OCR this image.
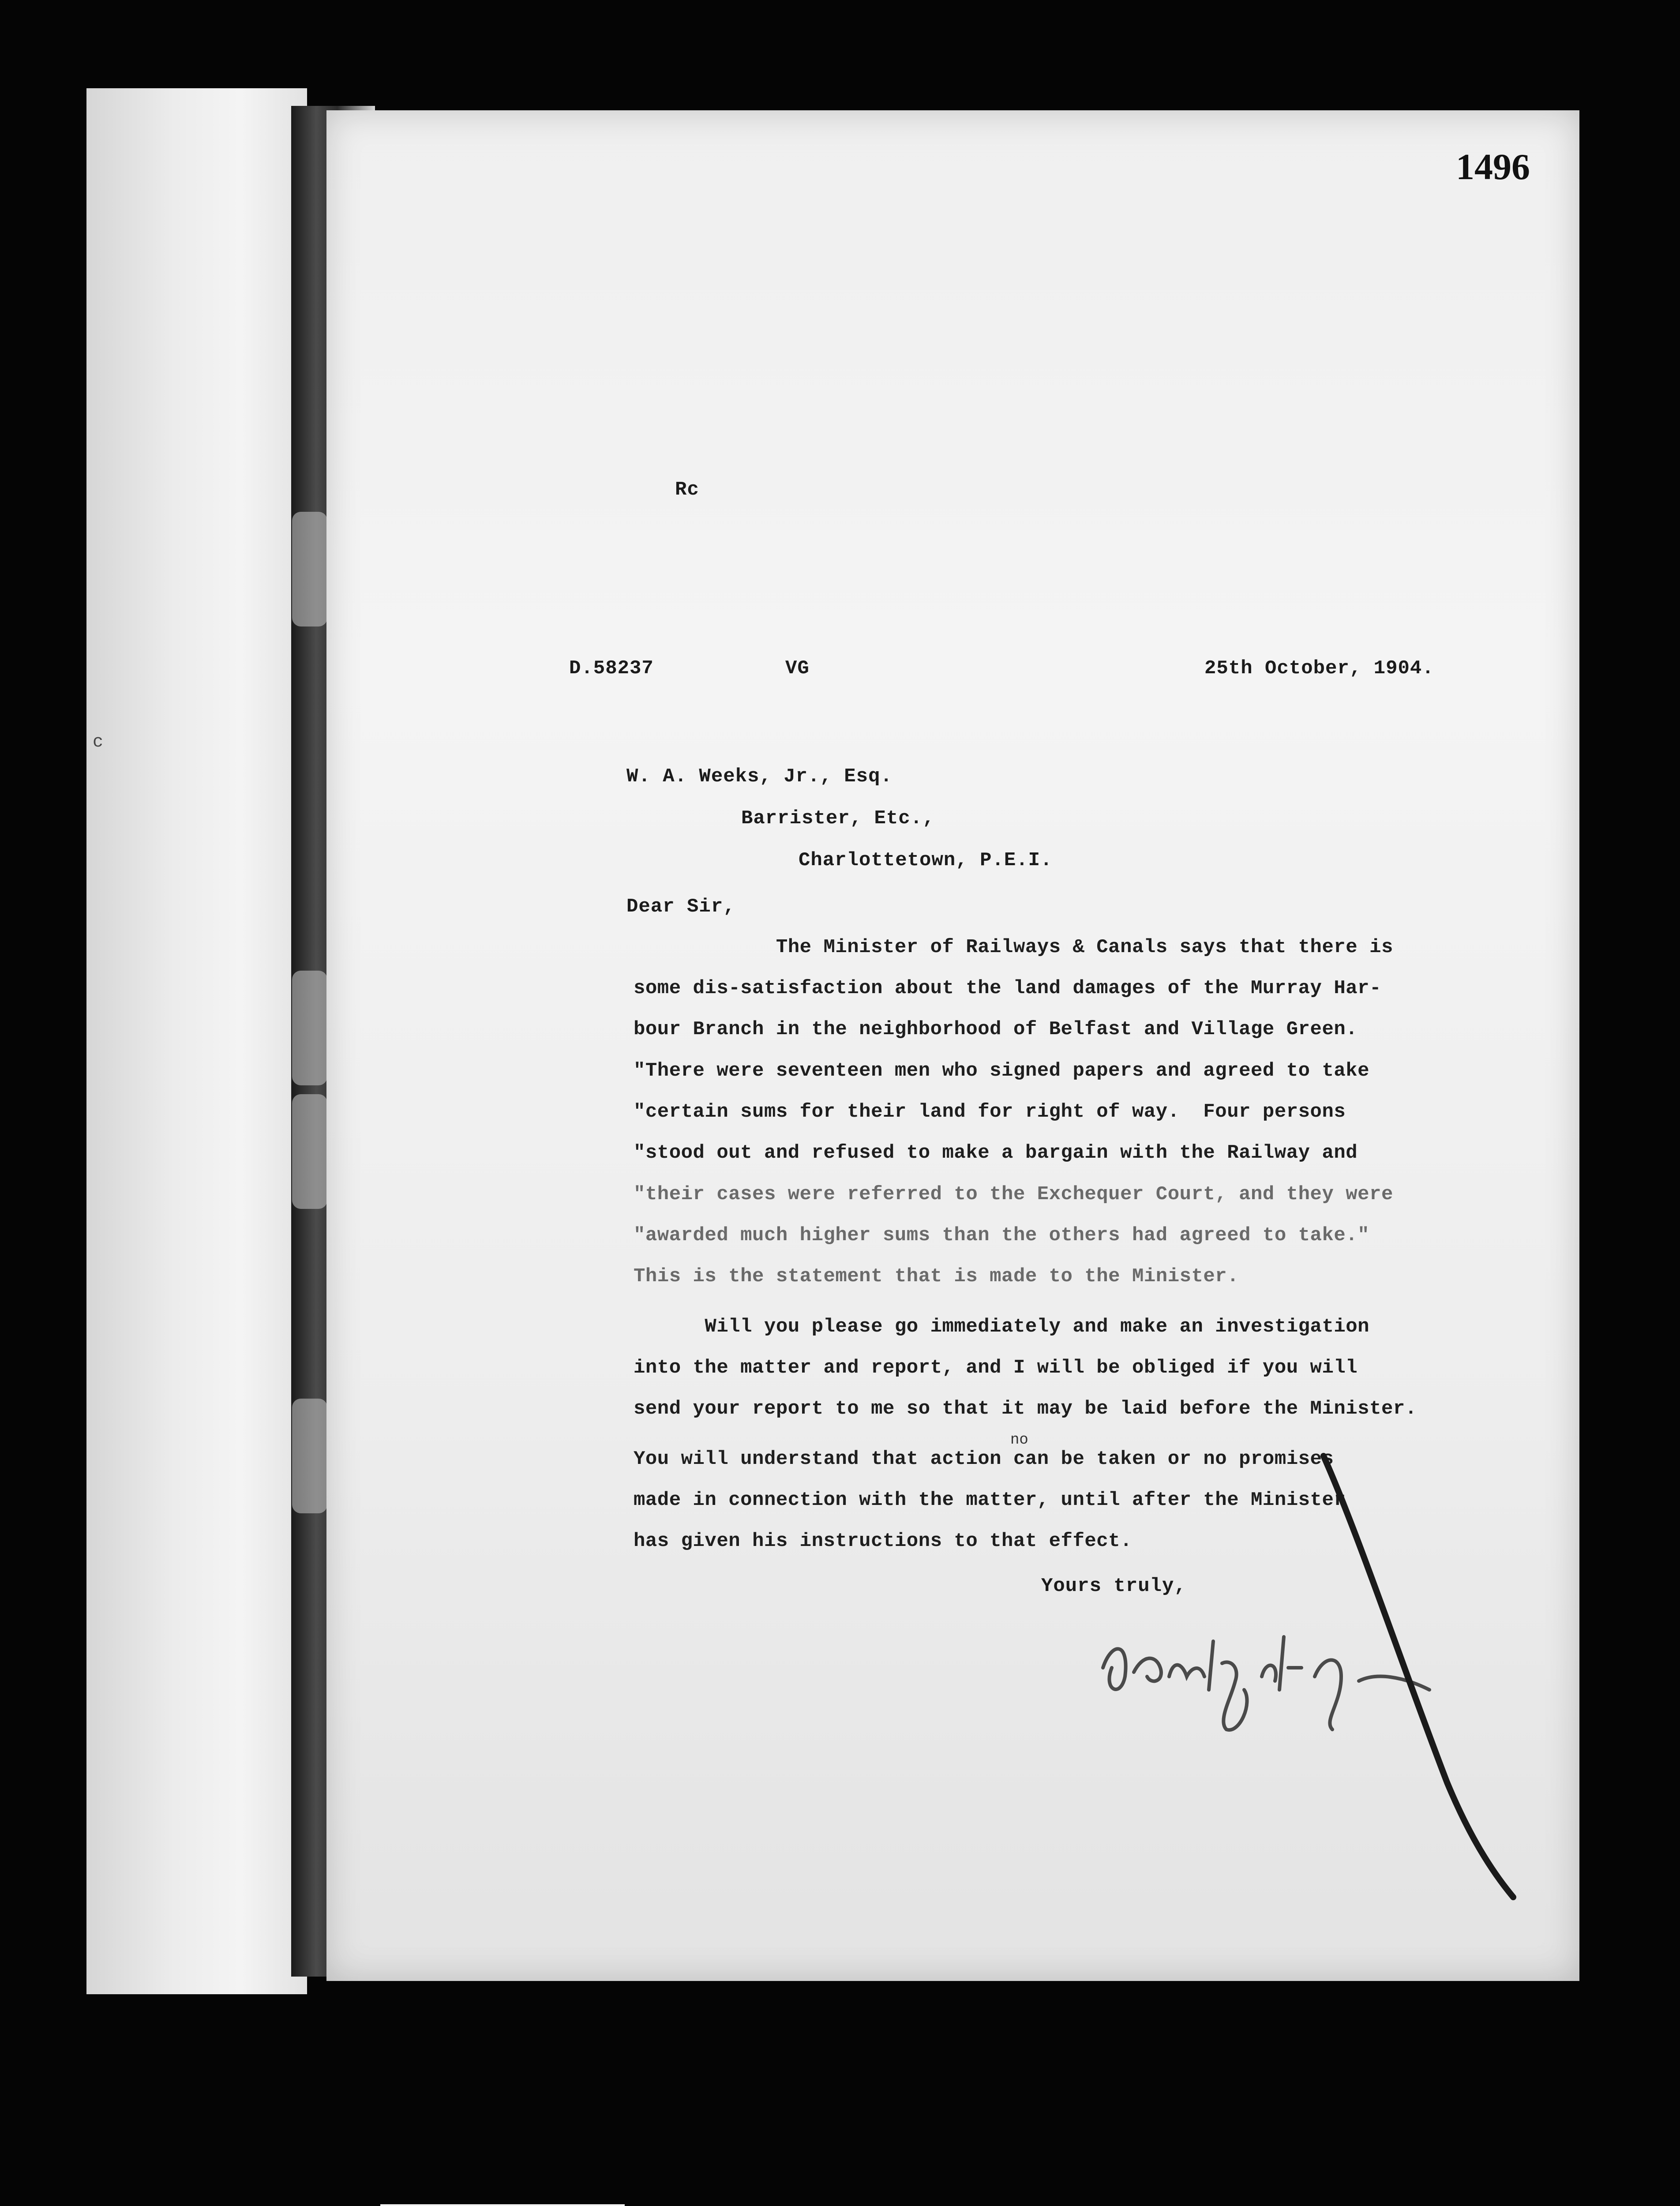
c
1496
Rc
D.58237	VG	25th October, 1904.
W. A. Weeks, Jr., Esq.
Barrister, Etc.,
Charlottetown, P.E.I.
Dear Sir,
The Minister of Railways & Canals says that there is
some dis-satisfaction about the land damages of the Murray Har-
bour Branch in the neighborhood of Belfast and Village Green.
"There were seventeen men who signed papers and agreed to take
"certain sums for their land for right of way.  Four persons
"stood out and refused to make a bargain with the Railway and
"their cases were referred to the Exchequer Court, and they were
"awarded much higher sums than the others had agreed to take."
This is the statement that is made to the Minister.
Will you please go immediately and make an investigation
into the matter and report, and I will be obliged if you will
send your report to me so that it may be laid before the Minister.
You will understand that action can be taken or no promises
made in connection with the matter, until after the Minister
has given his instructions to that effect.
no
Yours truly,
